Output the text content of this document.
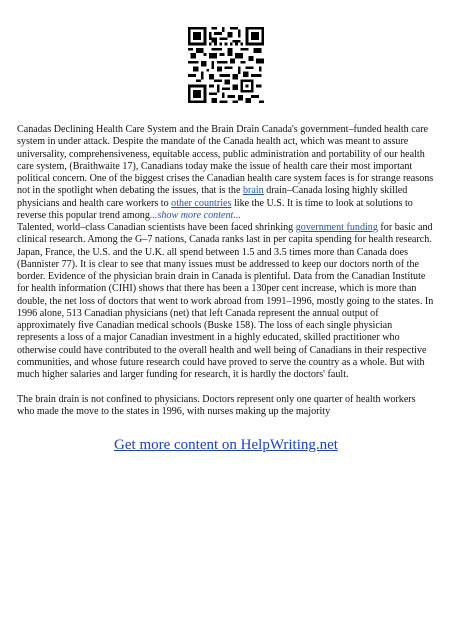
Canadas Declining Health Care System and the Brain Drain Canada's government–funded health care system in under attack. Despite the mandate of the Canada health act, which was meant to assure universality, comprehensiveness, equitable access, public administration and portability of our health care system, (Braithwaite 17), Canadians today make the issue of health care their most important political concern. One of the biggest crises the Canadian health care system faces is for strange reasons not in the spotlight when debating the issues, that is the brain drain–Canada losing highly skilled physicians and health care workers to other countries like the U.S. It is time to look at solutions to reverse this popular trend among...show more content...

Talented, world–class Canadian scientists have been faced shrinking government funding for basic and clinical research. Among the G–7 nations, Canada ranks last in per capita spending for health research. Japan, France, the U.S. and the U.K. all spend between 1.5 and 3.5 times more than Canada does (Bannister 77). It is clear to see that many issues must be addressed to keep our doctors north of the border. Evidence of the physician brain drain in Canada is plentiful. Data from the Canadian Institute for health information (CIHI) shows that there has been a 130per cent increase, which is more than double, the net loss of doctors that went to work abroad from 1991–1996, mostly going to the states. In 1996 alone, 513 Canadian physicians (net) that left Canada represent the annual output of approximately five Canadian medical schools (Buske 158). The loss of each single physician represents a loss of a major Canadian investment in a highly educated, skilled practitioner who otherwise could have contributed to the overall health and well being of Canadians in their respective communities, and whose future research could have proved to serve the country as a whole. But with much higher salaries and larger funding for research, it is hardly the doctors' fault.

The brain drain is not confined to physicians. Doctors represent only one quarter of health workers who made the move to the states in 1996, with nurses making up the majority

Get more content on HelpWriting.net
